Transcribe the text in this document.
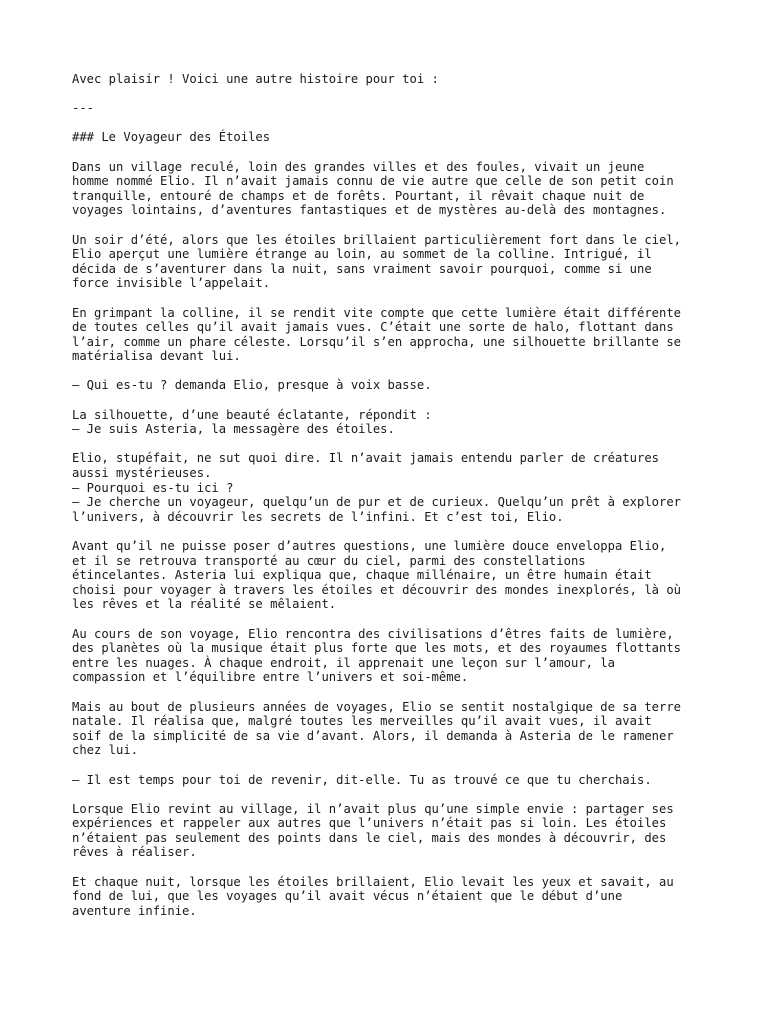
Avec plaisir ! Voici une autre histoire pour toi :

---

### Le Voyageur des Étoiles

Dans un village reculé, loin des grandes villes et des foules, vivait un jeune
homme nommé Elio. Il n’avait jamais connu de vie autre que celle de son petit coin
tranquille, entouré de champs et de forêts. Pourtant, il rêvait chaque nuit de
voyages lointains, d’aventures fantastiques et de mystères au-delà des montagnes.

Un soir d’été, alors que les étoiles brillaient particulièrement fort dans le ciel,
Elio aperçut une lumière étrange au loin, au sommet de la colline. Intrigué, il
décida de s’aventurer dans la nuit, sans vraiment savoir pourquoi, comme si une
force invisible l’appelait.

En grimpant la colline, il se rendit vite compte que cette lumière était différente
de toutes celles qu’il avait jamais vues. C’était une sorte de halo, flottant dans
l’air, comme un phare céleste. Lorsqu’il s’en approcha, une silhouette brillante se
matérialisa devant lui.

– Qui es-tu ? demanda Elio, presque à voix basse.

La silhouette, d’une beauté éclatante, répondit :
– Je suis Asteria, la messagère des étoiles.

Elio, stupéfait, ne sut quoi dire. Il n’avait jamais entendu parler de créatures
aussi mystérieuses.
– Pourquoi es-tu ici ?
– Je cherche un voyageur, quelqu’un de pur et de curieux. Quelqu’un prêt à explorer
l’univers, à découvrir les secrets de l’infini. Et c’est toi, Elio.

Avant qu’il ne puisse poser d’autres questions, une lumière douce enveloppa Elio,
et il se retrouva transporté au cœur du ciel, parmi des constellations
étincelantes. Asteria lui expliqua que, chaque millénaire, un être humain était
choisi pour voyager à travers les étoiles et découvrir des mondes inexplorés, là où
les rêves et la réalité se mêlaient.

Au cours de son voyage, Elio rencontra des civilisations d’êtres faits de lumière,
des planètes où la musique était plus forte que les mots, et des royaumes flottants
entre les nuages. À chaque endroit, il apprenait une leçon sur l’amour, la
compassion et l’équilibre entre l’univers et soi-même.

Mais au bout de plusieurs années de voyages, Elio se sentit nostalgique de sa terre
natale. Il réalisa que, malgré toutes les merveilles qu’il avait vues, il avait
soif de la simplicité de sa vie d’avant. Alors, il demanda à Asteria de le ramener
chez lui.

– Il est temps pour toi de revenir, dit-elle. Tu as trouvé ce que tu cherchais.

Lorsque Elio revint au village, il n’avait plus qu’une simple envie : partager ses
expériences et rappeler aux autres que l’univers n’était pas si loin. Les étoiles
n’étaient pas seulement des points dans le ciel, mais des mondes à découvrir, des
rêves à réaliser.

Et chaque nuit, lorsque les étoiles brillaient, Elio levait les yeux et savait, au
fond de lui, que les voyages qu’il avait vécus n’étaient que le début d’une
aventure infinie.
